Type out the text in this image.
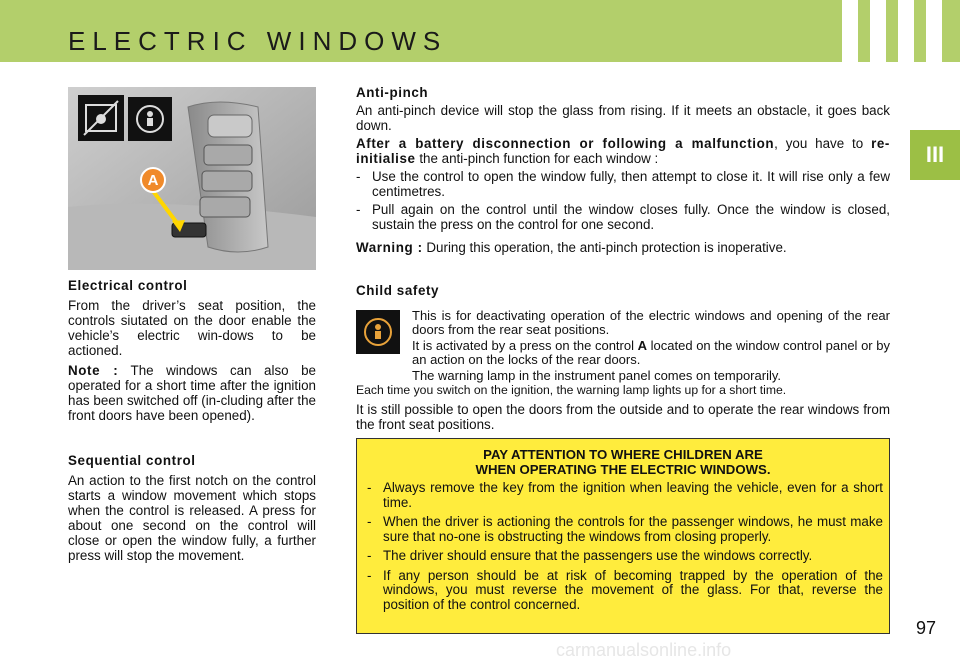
ELECTRIC WINDOWS
III
A

Electrical control

From the driver’s seat position, the controls siutated on the door enable the vehicle’s electric win-dows to be actioned.

Note : The windows can also be operated for a short time after the ignition has been switched off (in-cluding after the front doors have been opened).

Sequential control

An action to the first notch on the control starts a window movement which stops when the control is released. A press for about one second on the control will close or open the window fully, a further press will stop the movement.

Anti-pinch

An anti-pinch device will stop the glass from rising. If it meets an obstacle, it goes back down.

After a battery disconnection or following a malfunction, you have to re-initialise the anti-pinch function for each window :

- Use the control to open the window fully, then attempt to close it. It will rise only a few centimetres.
- Pull again on the control until the window closes fully. Once the window is closed, sustain the press on the control for one second.

Warning : During this operation, the anti-pinch protection is inoperative.

Child safety

This is for deactivating operation of the electric windows and opening of the rear doors from the rear seat positions.

It is activated by a press on the control A located on the window control panel or by an action on the locks of the rear doors.

The warning lamp in the instrument panel comes on temporarily.

Each time you switch on the ignition, the warning lamp lights up for a short time.
It is still possible to open the doors from the outside and to operate the rear windows from the front seat positions.
PAY ATTENTION TO WHERE CHILDREN ARE
WHEN OPERATING THE ELECTRIC WINDOWS.
- Always remove the key from the ignition when leaving the vehicle, even for a short time.
- When the driver is actioning the controls for the passenger windows, he must make sure that no-one is obstructing the windows from closing properly.
- The driver should ensure that the passengers use the windows correctly.
- If any person should be at risk of becoming trapped by the operation of the windows, you must reverse the movement of the glass. For that, reverse the position of the control concerned.
97
carmanualsonline.info
